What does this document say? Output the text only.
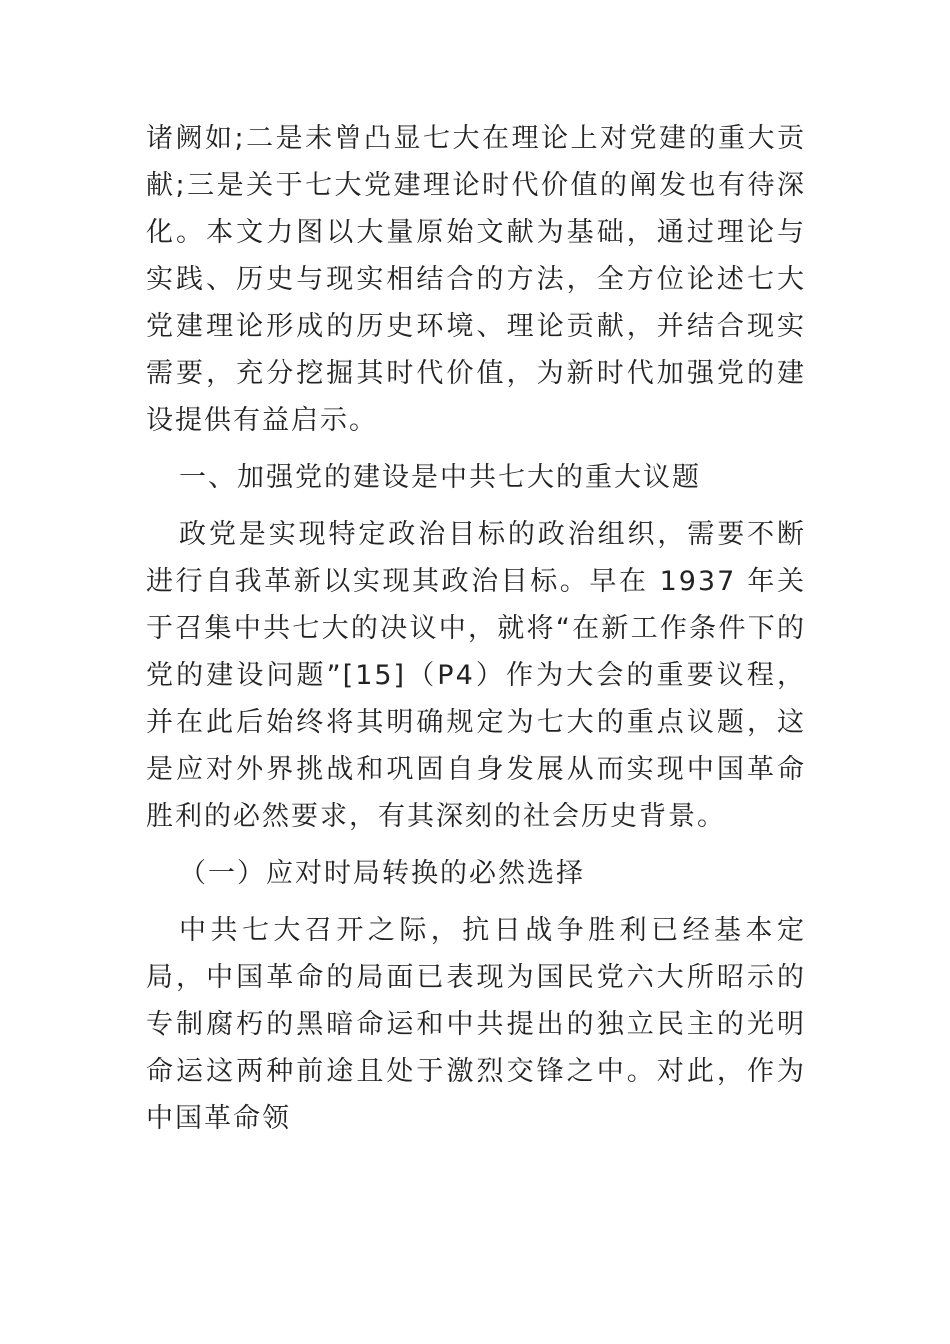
诸阙如;二是未曾凸显七大在理论上对党建的重大贡献;三是关于七大党建理论时代价值的阐发也有待深化。本文力图以大量原始文献为基础，通过理论与实践、历史与现实相结合的方法，全方位论述七大党建理论形成的历史环境、理论贡献，并结合现实需要，充分挖掘其时代价值，为新时代加强党的建设提供有益启示。

一、加强党的建设是中共七大的重大议题

政党是实现特定政治目标的政治组织，需要不断进行自我革新以实现其政治目标。早在 1937 年关于召集中共七大的决议中，就将“在新工作条件下的党的建设问题”[15]（P4）作为大会的重要议程，并在此后始终将其明确规定为七大的重点议题，这是应对外界挑战和巩固自身发展从而实现中国革命胜利的必然要求，有其深刻的社会历史背景。

（一）应对时局转换的必然选择

中共七大召开之际，抗日战争胜利已经基本定局，中国革命的局面已表现为国民党六大所昭示的专制腐朽的黑暗命运和中共提出的独立民主的光明命运这两种前途且处于激烈交锋之中。对此，作为中国革命领
